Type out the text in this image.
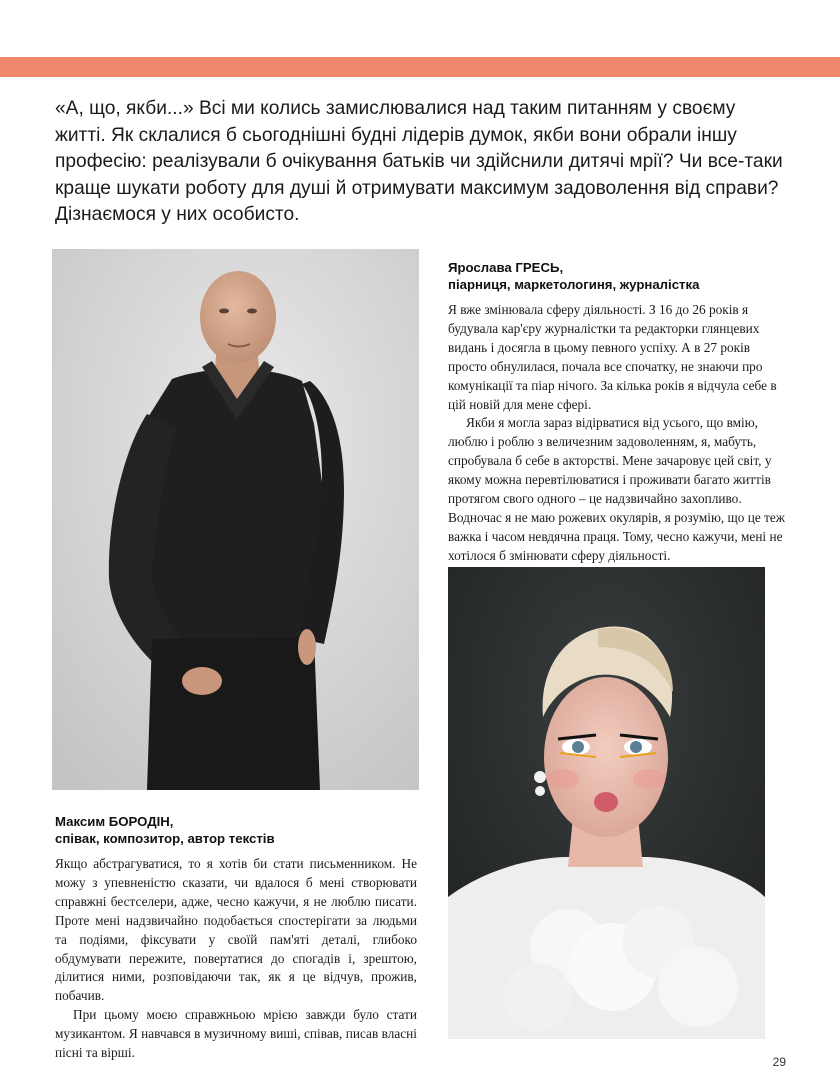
«А, що, якби...» Всі ми колись замислювалися над таким питанням у своєму житті. Як склалися б сьогоднішні будні лідерів думок, якби вони обрали іншу професію: реалізували б очікування батьків чи здійснили дитячі мрії? Чи все-таки краще шукати роботу для душі й отримувати максимум задоволення від справи? Дізнаємося у них особисто.

Ярослава ГРЕСЬ,
піарниця, маркетологиня, журналістка

Я вже змінювала сферу діяльності. З 16 до 26 років я будувала кар'єру журналістки та редакторки глянцевих видань і досягла в цьому певного успіху. А в 27 років просто обнулилася, почала все спочатку, не знаючи про комунікації та піар нічого. За кілька років я відчула себе в цій новій для мене сфері.

Якби я могла зараз відірватися від усього, що вмію, люблю і роблю з величезним задоволенням, я, мабуть, спробувала б себе в акторстві. Мене зачаровує цей світ, у якому можна перевтілюватися і проживати багато життів протягом свого одного – це надзвичайно захопливо. Водночас я не маю рожевих окулярів, я розумію, що це теж важка і часом невдячна праця. Тому, чесно кажучи, мені не хотілося б змінювати сферу діяльності.

Максим БОРОДІН,
співак, композитор, автор текстів

Якщо абстрагуватися, то я хотів би стати письменником. Не можу з упевненістю сказати, чи вдалося б мені створювати справжні бестселери, адже, чесно кажучи, я не люблю писати. Проте мені надзвичайно подобається спостерігати за людьми та подіями, фіксувати у своїй пам'яті деталі, глибоко обдумувати пережите, повертатися до спогадів і, зрештою, ділитися ними, розповідаючи так, як я це відчув, прожив, побачив.

При цьому моєю справжньою мрією завжди було стати музикантом. Я навчався в музичному виші, співав, писав власні пісні та вірші.

29
